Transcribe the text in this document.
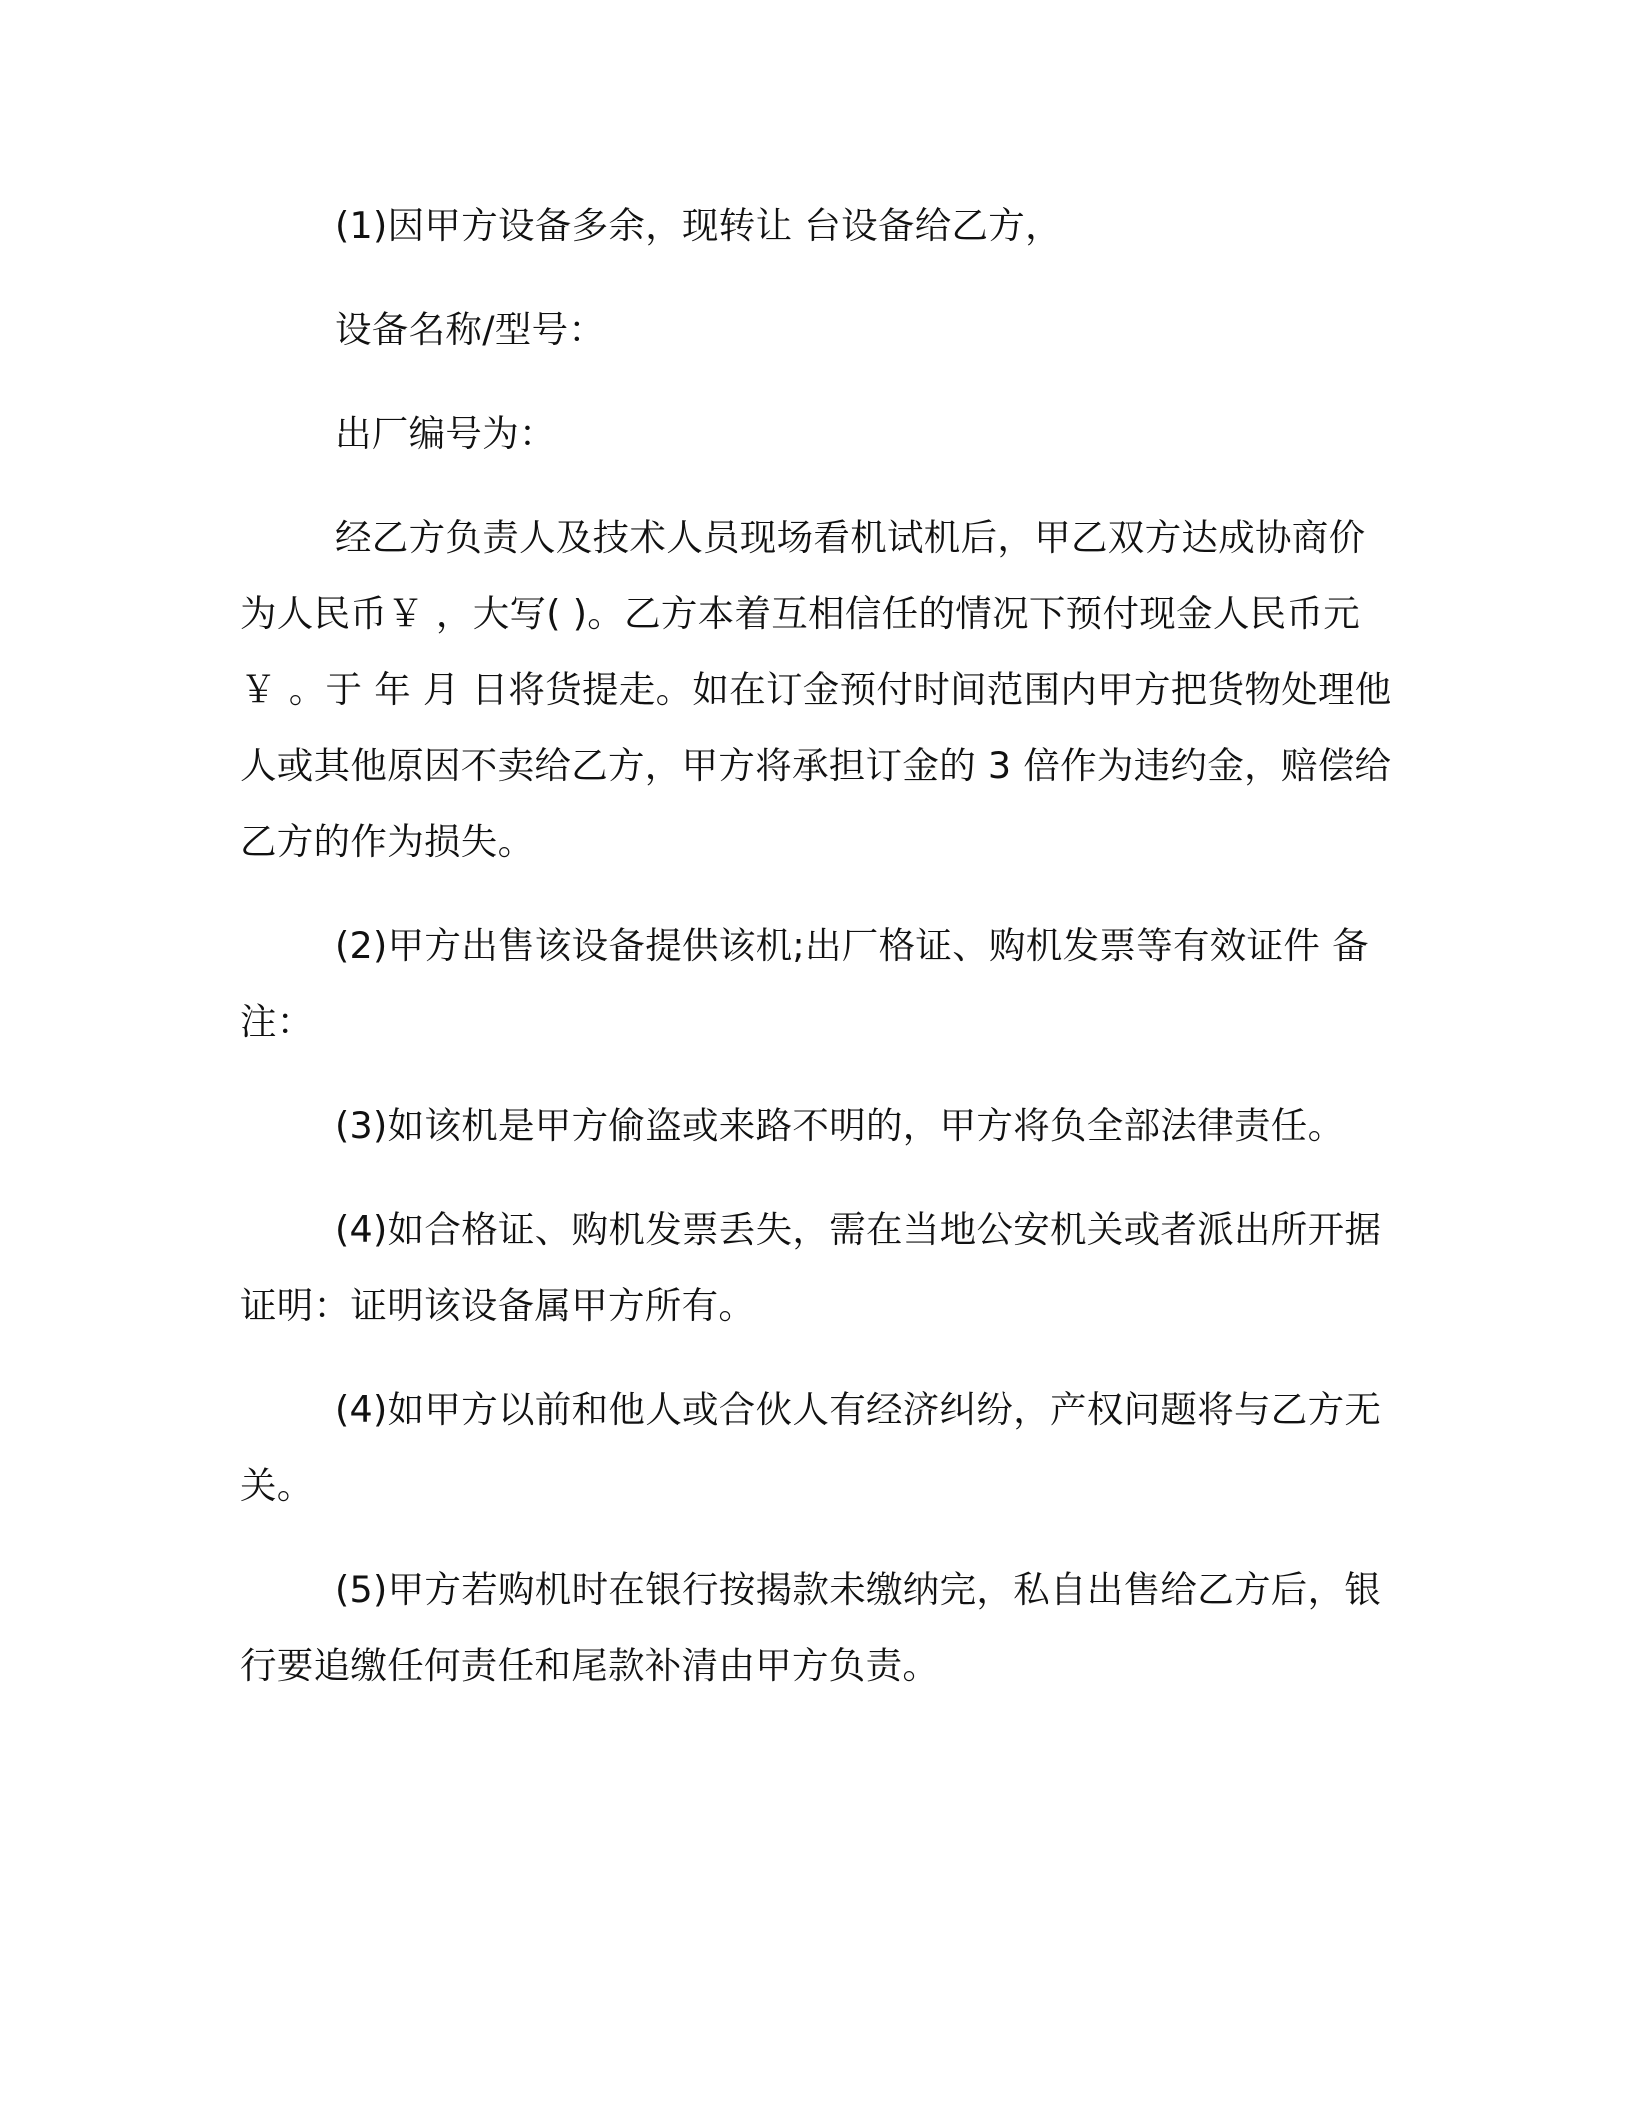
(1)因甲方设备多余，现转让 台设备给乙方，

设备名称/型号：

出厂编号为：

经乙方负责人及技术人员现场看机试机后，甲乙双方达成协商价为人民币￥ ，大写( )。乙方本着互相信任的情况下预付现金人民币元￥ 。于 年 月 日将货提走。如在订金预付时间范围内甲方把货物处理他人或其他原因不卖给乙方，甲方将承担订金的 3 倍作为违约金，赔偿给乙方的作为损失。

(2)甲方出售该设备提供该机;出厂格证、购机发票等有效证件 备注：

(3)如该机是甲方偷盗或来路不明的，甲方将负全部法律责任。

(4)如合格证、购机发票丢失，需在当地公安机关或者派出所开据证明：证明该设备属甲方所有。

(4)如甲方以前和他人或合伙人有经济纠纷，产权问题将与乙方无关。

(5)甲方若购机时在银行按揭款未缴纳完，私自出售给乙方后，银行要追缴任何责任和尾款补清由甲方负责。
